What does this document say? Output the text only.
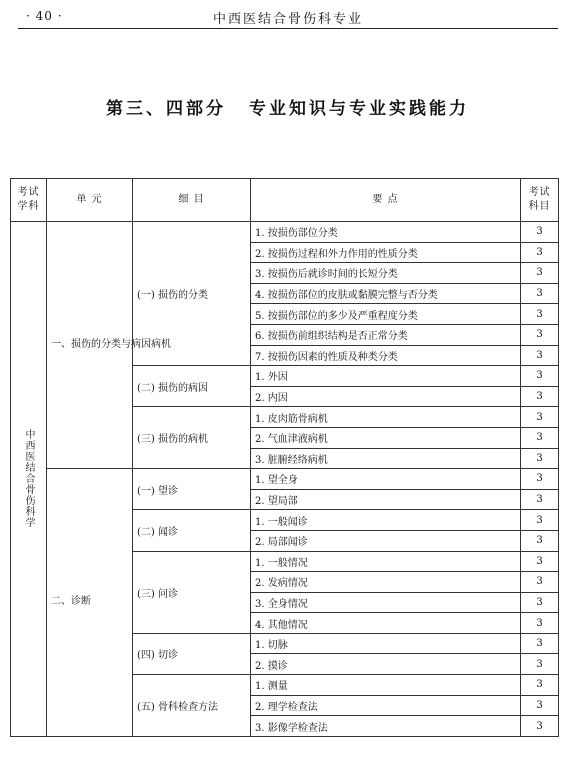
· 40 ·	中西医结合骨伤科专业
第三、四部分 专业知识与专业实践能力
考试学科	单 元	细 目	要 点	考试科目
中西医结合骨伤科学	一、损伤的分类与病因病机	(一) 损伤的分类	1. 按损伤部位分类	3
			2. 按损伤过程和外力作用的性质分类	3
			3. 按损伤后就诊时间的长短分类	3
			4. 按损伤部位的皮肤或黏膜完整与否分类	3
			5. 按损伤部位的多少及严重程度分类	3
			6. 按损伤前组织结构是否正常分类	3
			7. 按损伤因素的性质及种类分类	3
		(二) 损伤的病因	1. 外因	3
			2. 内因	3
		(三) 损伤的病机	1. 皮肉筋骨病机	3
			2. 气血津液病机	3
			3. 脏腑经络病机	3
	二、诊断	(一) 望诊	1. 望全身	3
			2. 望局部	3
		(二) 闻诊	1. 一般闻诊	3
			2. 局部闻诊	3
		(三) 问诊	1. 一般情况	3
			2. 发病情况	3
			3. 全身情况	3
			4. 其他情况	3
		(四) 切诊	1. 切脉	3
			2. 摸诊	3
		(五) 骨科检查方法	1. 测量	3
			2. 理学检查法	3
			3. 影像学检查法	3
